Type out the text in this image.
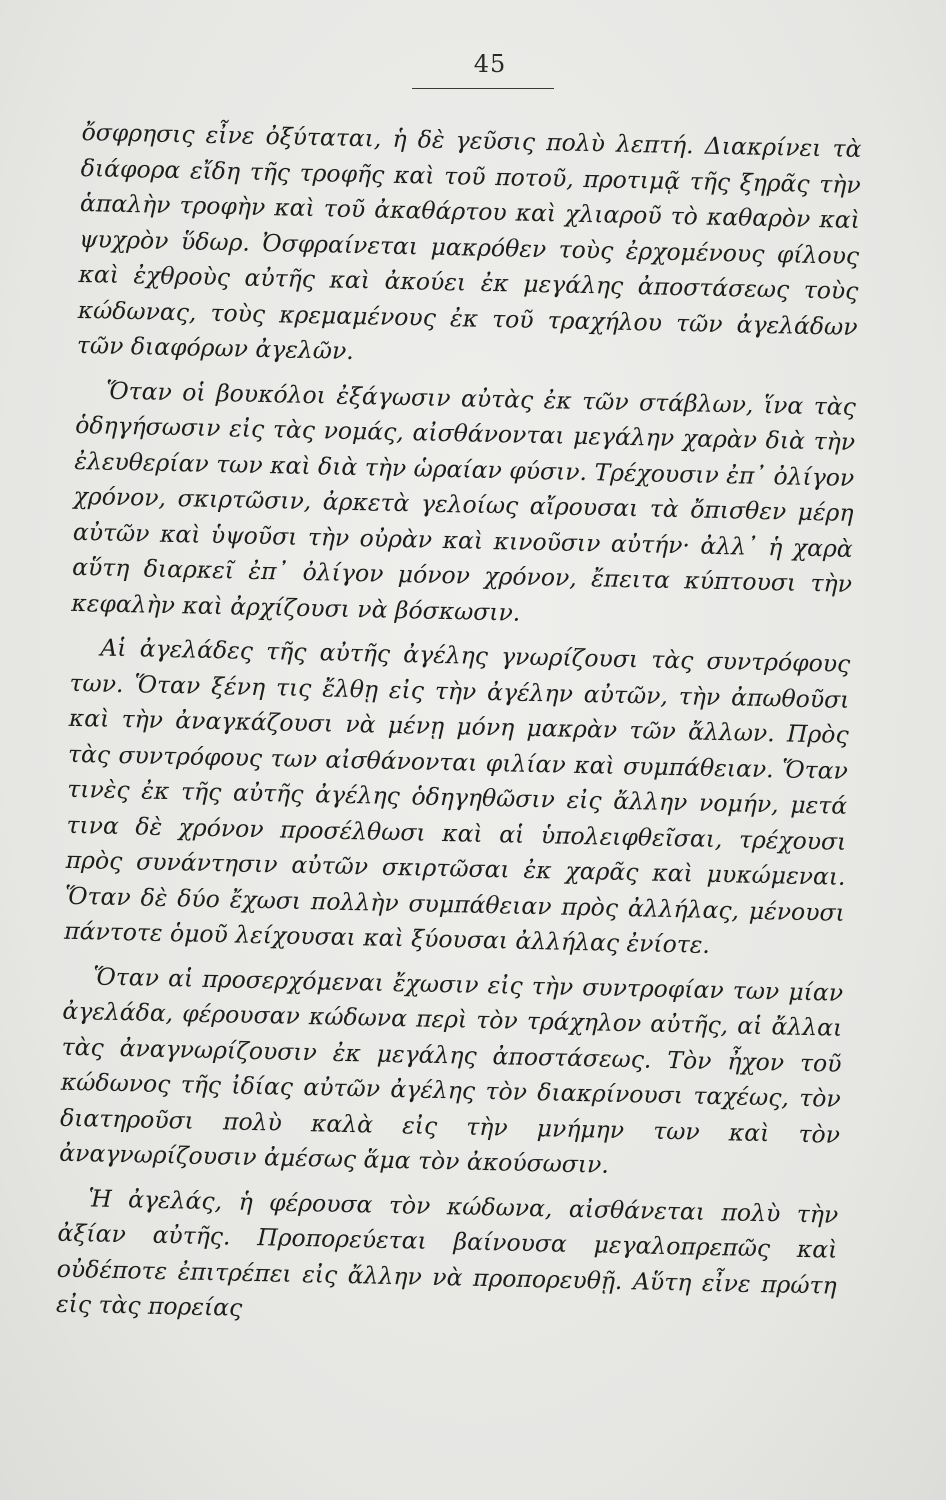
45

ὄσφρησις εἶνε ὀξύταται, ἡ δὲ γεῦσις πολὺ λεπτή. Διακρίνει τὰ διάφορα εἴδη τῆς τροφῆς καὶ τοῦ ποτοῦ, προτιμᾷ τῆς ξηρᾶς τὴν ἁπαλὴν τροφὴν καὶ τοῦ ἀκαθάρτου καὶ χλιαροῦ τὸ καθαρὸν καὶ ψυχρὸν ὕδωρ. Ὀσφραίνεται μακρόθεν τοὺς ἐρχομένους φίλους καὶ ἐχθροὺς αὐτῆς καὶ ἀκούει ἐκ μεγάλης ἀποστάσεως τοὺς κώδωνας, τοὺς κρεμαμένους ἐκ τοῦ τραχήλου τῶν ἀγελάδων τῶν διαφόρων ἀγελῶν.

Ὅταν οἱ βουκόλοι ἐξάγωσιν αὐτὰς ἐκ τῶν στάβλων, ἵνα τὰς ὁδηγήσωσιν εἰς τὰς νομάς, αἰσθάνονται μεγάλην χαρὰν διὰ τὴν ἐλευθερίαν των καὶ διὰ τὴν ὡραίαν φύσιν. Τρέχουσιν ἐπ᾽ ὀλίγον χρόνον, σκιρτῶσιν, ἀρκετὰ γελοίως αἴρουσαι τὰ ὄπισθεν μέρη αὐτῶν καὶ ὑψοῦσι τὴν οὐρὰν καὶ κινοῦσιν αὐτήν· ἀλλ᾽ ἡ χαρὰ αὕτη διαρκεῖ ἐπ᾽ ὀλίγον μόνον χρόνον, ἔπειτα κύπτουσι τὴν κεφαλὴν καὶ ἀρχίζουσι νὰ βόσκωσιν.

Αἱ ἀγελάδες τῆς αὐτῆς ἀγέλης γνωρίζουσι τὰς συντρόφους των. Ὅταν ξένη τις ἔλθῃ εἰς τὴν ἀγέλην αὐτῶν, τὴν ἀπωθοῦσι καὶ τὴν ἀναγκάζουσι νὰ μένῃ μόνη μακρὰν τῶν ἄλλων. Πρὸς τὰς συντρόφους των αἰσθάνονται φιλίαν καὶ συμπάθειαν. Ὅταν τινὲς ἐκ τῆς αὐτῆς ἀγέλης ὁδηγηθῶσιν εἰς ἄλλην νομήν, μετά τινα δὲ χρόνον προσέλθωσι καὶ αἱ ὑπολειφθεῖσαι, τρέχουσι πρὸς συνάντησιν αὐτῶν σκιρτῶσαι ἐκ χαρᾶς καὶ μυκώμεναι. Ὅταν δὲ δύο ἔχωσι πολλὴν συμπάθειαν πρὸς ἀλλήλας, μένουσι πάντοτε ὁμοῦ λείχουσαι καὶ ξύουσαι ἀλλήλας ἐνίοτε.

Ὅταν αἱ προσερχόμεναι ἔχωσιν εἰς τὴν συντροφίαν των μίαν ἀγελάδα, φέρουσαν κώδωνα περὶ τὸν τράχηλον αὐτῆς, αἱ ἄλλαι τὰς ἀναγνωρίζουσιν ἐκ μεγάλης ἀποστάσεως. Τὸν ἦχον τοῦ κώδωνος τῆς ἰδίας αὐτῶν ἀγέλης τὸν διακρίνουσι ταχέως, τὸν διατηροῦσι πολὺ καλὰ εἰς τὴν μνήμην των καὶ τὸν ἀναγνωρίζουσιν ἀμέσως ἅμα τὸν ἀκούσωσιν.

Ἡ ἀγελάς, ἡ φέρουσα τὸν κώδωνα, αἰσθάνεται πολὺ τὴν ἀξίαν αὐτῆς. Προπορεύεται βαίνουσα μεγαλοπρεπῶς καὶ οὐδέποτε ἐπιτρέπει εἰς ἄλλην νὰ προπορευθῇ. Αὕτη εἶνε πρώτη εἰς τὰς πορείας
